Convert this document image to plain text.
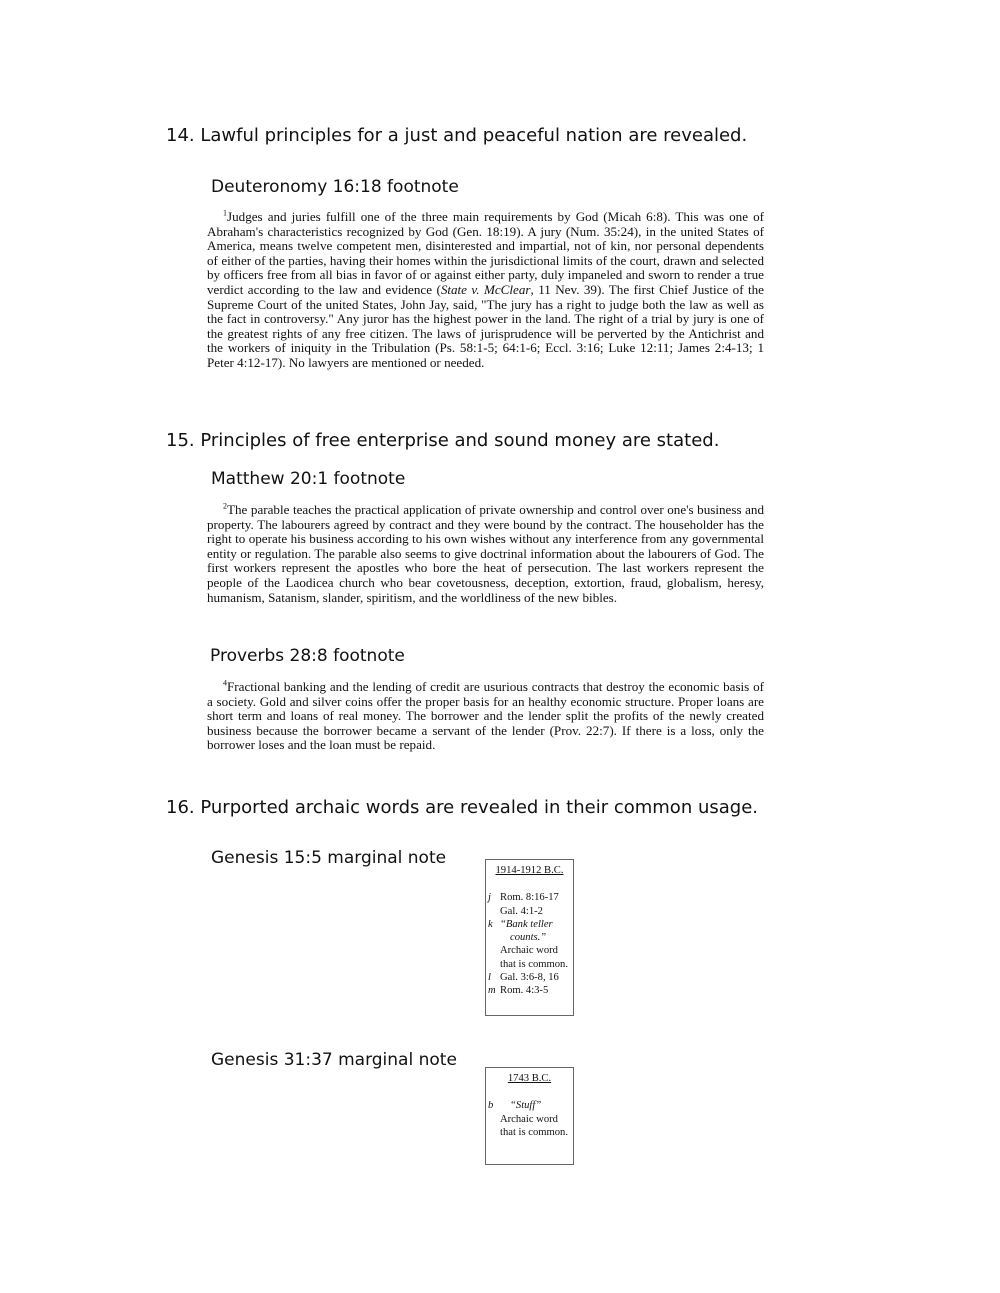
14. Lawful principles for a just and peaceful nation are revealed.
Deuteronomy 16:18 footnote

$^1$Judges and juries fulfill one of the three main requirements by God (Micah 6:8). This was one of Abraham's characteristics recognized by God (Gen. 18:19). A jury (Num. 35:24), in the united States of America, means twelve competent men, disinterested and impartial, not of kin, nor personal dependents of either of the parties, having their homes within the jurisdictional limits of the court, drawn and selected by officers free from all bias in favor of or against either party, duly impaneled and sworn to render a true verdict according to the law and evidence (State v. McClear, 11 Nev. 39). The first Chief Justice of the Supreme Court of the united States, John Jay, said, "The jury has a right to judge both the law as well as the fact in controversy." Any juror has the highest power in the land. The right of a trial by jury is one of the greatest rights of any free citizen. The laws of jurisprudence will be perverted by the Antichrist and the workers of iniquity in the Tribulation (Ps. 58:1-5; 64:1-6; Eccl. 3:16; Luke 12:11; James 2:4-13; 1 Peter 4:12-17). No lawyers are mentioned or needed.

15. Principles of free enterprise and sound money are stated.
Matthew 20:1 footnote

$^2$The parable teaches the practical application of private ownership and control over one's business and property. The labourers agreed by contract and they were bound by the contract. The householder has the right to operate his business according to his own wishes without any interference from any governmental entity or regulation. The parable also seems to give doctrinal information about the labourers of God. The first workers represent the apostles who bore the heat of persecution. The last workers represent the people of the Laodicea church who bear covetousness, deception, extortion, fraud, globalism, heresy, humanism, Satanism, slander, spiritism, and the worldliness of the new bibles.

Proverbs 28:8 footnote

$^4$Fractional banking and the lending of credit are usurious contracts that destroy the economic basis of a society. Gold and silver coins offer the proper basis for an healthy economic structure. Proper loans are short term and loans of real money. The borrower and the lender split the profits of the newly created business because the borrower became a servant of the lender (Prov. 22:7). If there is a loss, only the borrower loses and the loan must be repaid.

16. Purported archaic words are revealed in their common usage.
Genesis 15:5 marginal note
1914-1912 B.C.
j Rom. 8:16-17
Gal. 4:1-2
k “Bank teller
counts.”
Archaic word
that is common.
l Gal. 3:6-8, 16
m Rom. 4:3-5
Genesis 31:37 marginal note
1743 B.C.
b	“Stuff”
Archaic word
that is common.
